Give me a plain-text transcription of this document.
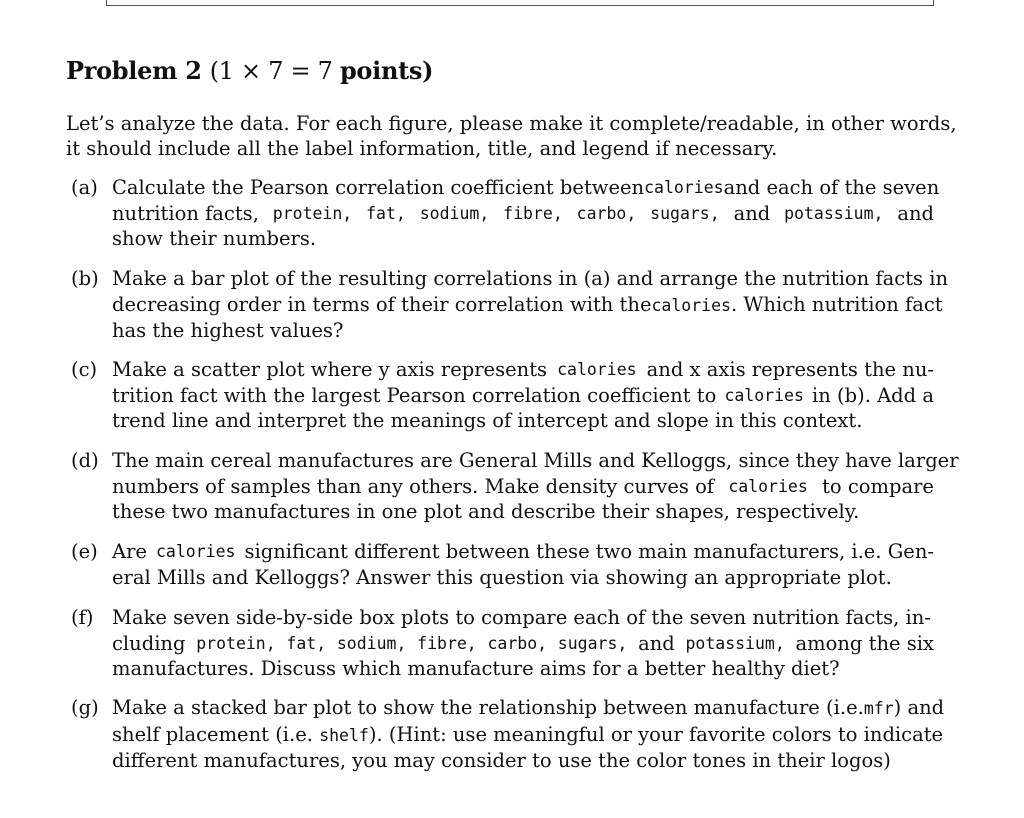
Problem 2 (1 × 7 = 7 points)
Let’s analyze the data. For each figure, please make it complete/readable, in other words,
it should include all the label information, title, and legend if necessary.
(a) Calculate the Pearson correlation coefficient between calories and each of the seven
nutrition facts, protein, fat, sodium, fibre, carbo, sugars, and potassium, and
show their numbers.
(b) Make a bar plot of the resulting correlations in (a) and arrange the nutrition facts in
decreasing order in terms of their correlation with the calories. Which nutrition fact
has the highest values?
(c) Make a scatter plot where y axis represents calories and x axis represents the nu-
trition fact with the largest Pearson correlation coefficient to calories in (b). Add a
trend line and interpret the meanings of intercept and slope in this context.
(d) The main cereal manufactures are General Mills and Kelloggs, since they have larger
numbers of samples than any others. Make density curves of calories to compare
these two manufactures in one plot and describe their shapes, respectively.
(e) Are calories significant different between these two main manufacturers, i.e. Gen-
eral Mills and Kelloggs? Answer this question via showing an appropriate plot.
(f) Make seven side-by-side box plots to compare each of the seven nutrition facts, in-
cluding protein, fat, sodium, fibre, carbo, sugars, and potassium, among the six
manufactures. Discuss which manufacture aims for a better healthy diet?
(g) Make a stacked bar plot to show the relationship between manufacture (i.e. mfr) and
shelf placement (i.e. shelf). (Hint: use meaningful or your favorite colors to indicate
different manufactures, you may consider to use the color tones in their logos)
